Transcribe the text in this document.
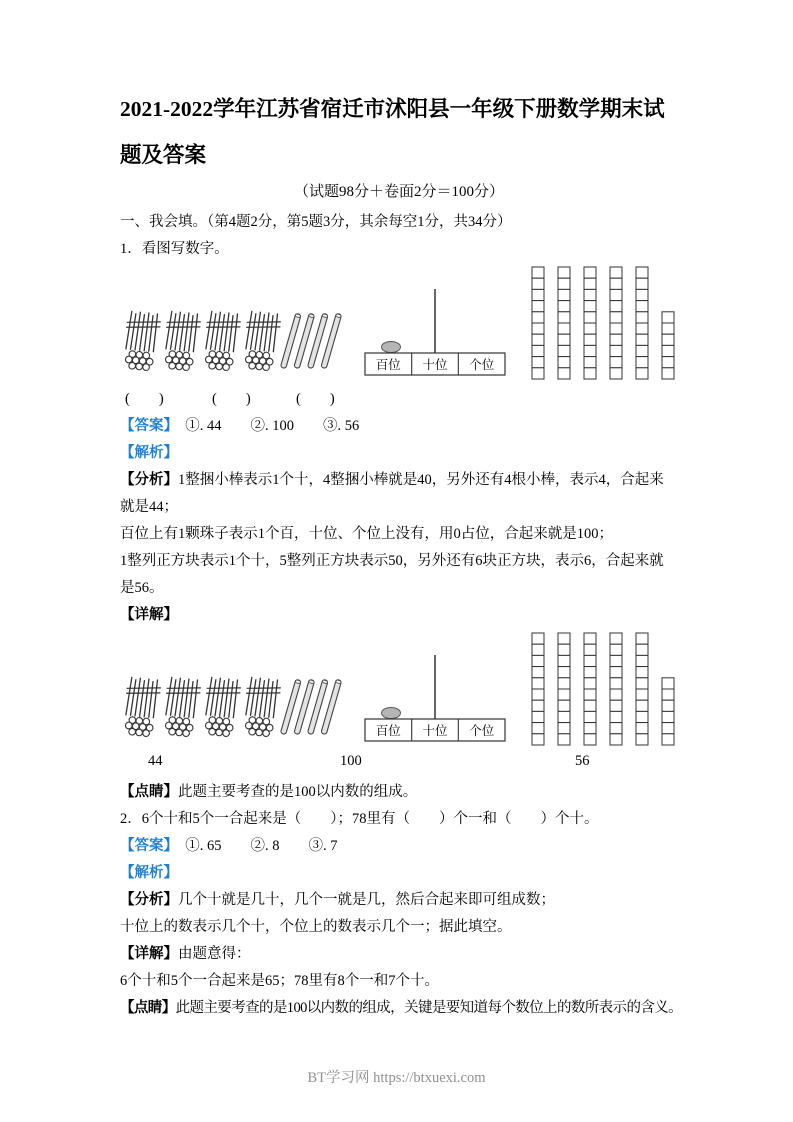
2021-2022学年江苏省宿迁市沭阳县一年级下册数学期末试题及答案

（试题98分＋卷面2分＝100分）

一、我会填。（第4题2分，第5题3分，其余每空1分，共34分）

1．看图写数字。

百位 十位 个位
(　　)	(　　)	(　　)

【答案】　①. 44　　②. 100　　③. 56

【解析】

【分析】1整捆小棒表示1个十，4整捆小棒就是40，另外还有4根小棒，表示4，合起来就是44；

百位上有1颗珠子表示1个百，十位、个位上没有，用0占位，合起来就是100；

1整列正方块表示1个十，5整列正方块表示50，另外还有6块正方块，表示6，合起来就是56。

【详解】

百位 十位 个位
44	100	56

【点睛】此题主要考查的是100以内数的组成。

2．6个十和5个一合起来是（　　）；78里有（　　）个一和（　　）个十。

【答案】　①. 65　　②. 8　　③. 7

【解析】

【分析】几个十就是几十，几个一就是几，然后合起来即可组成数；

十位上的数表示几个十，个位上的数表示几个一；据此填空。

【详解】由题意得：

6个十和5个一合起来是65；78里有8个一和7个十。

【点睛】此题主要考查的是100以内数的组成，关键是要知道每个数位上的数所表示的含义。

BT学习网 https://btxuexi.com
